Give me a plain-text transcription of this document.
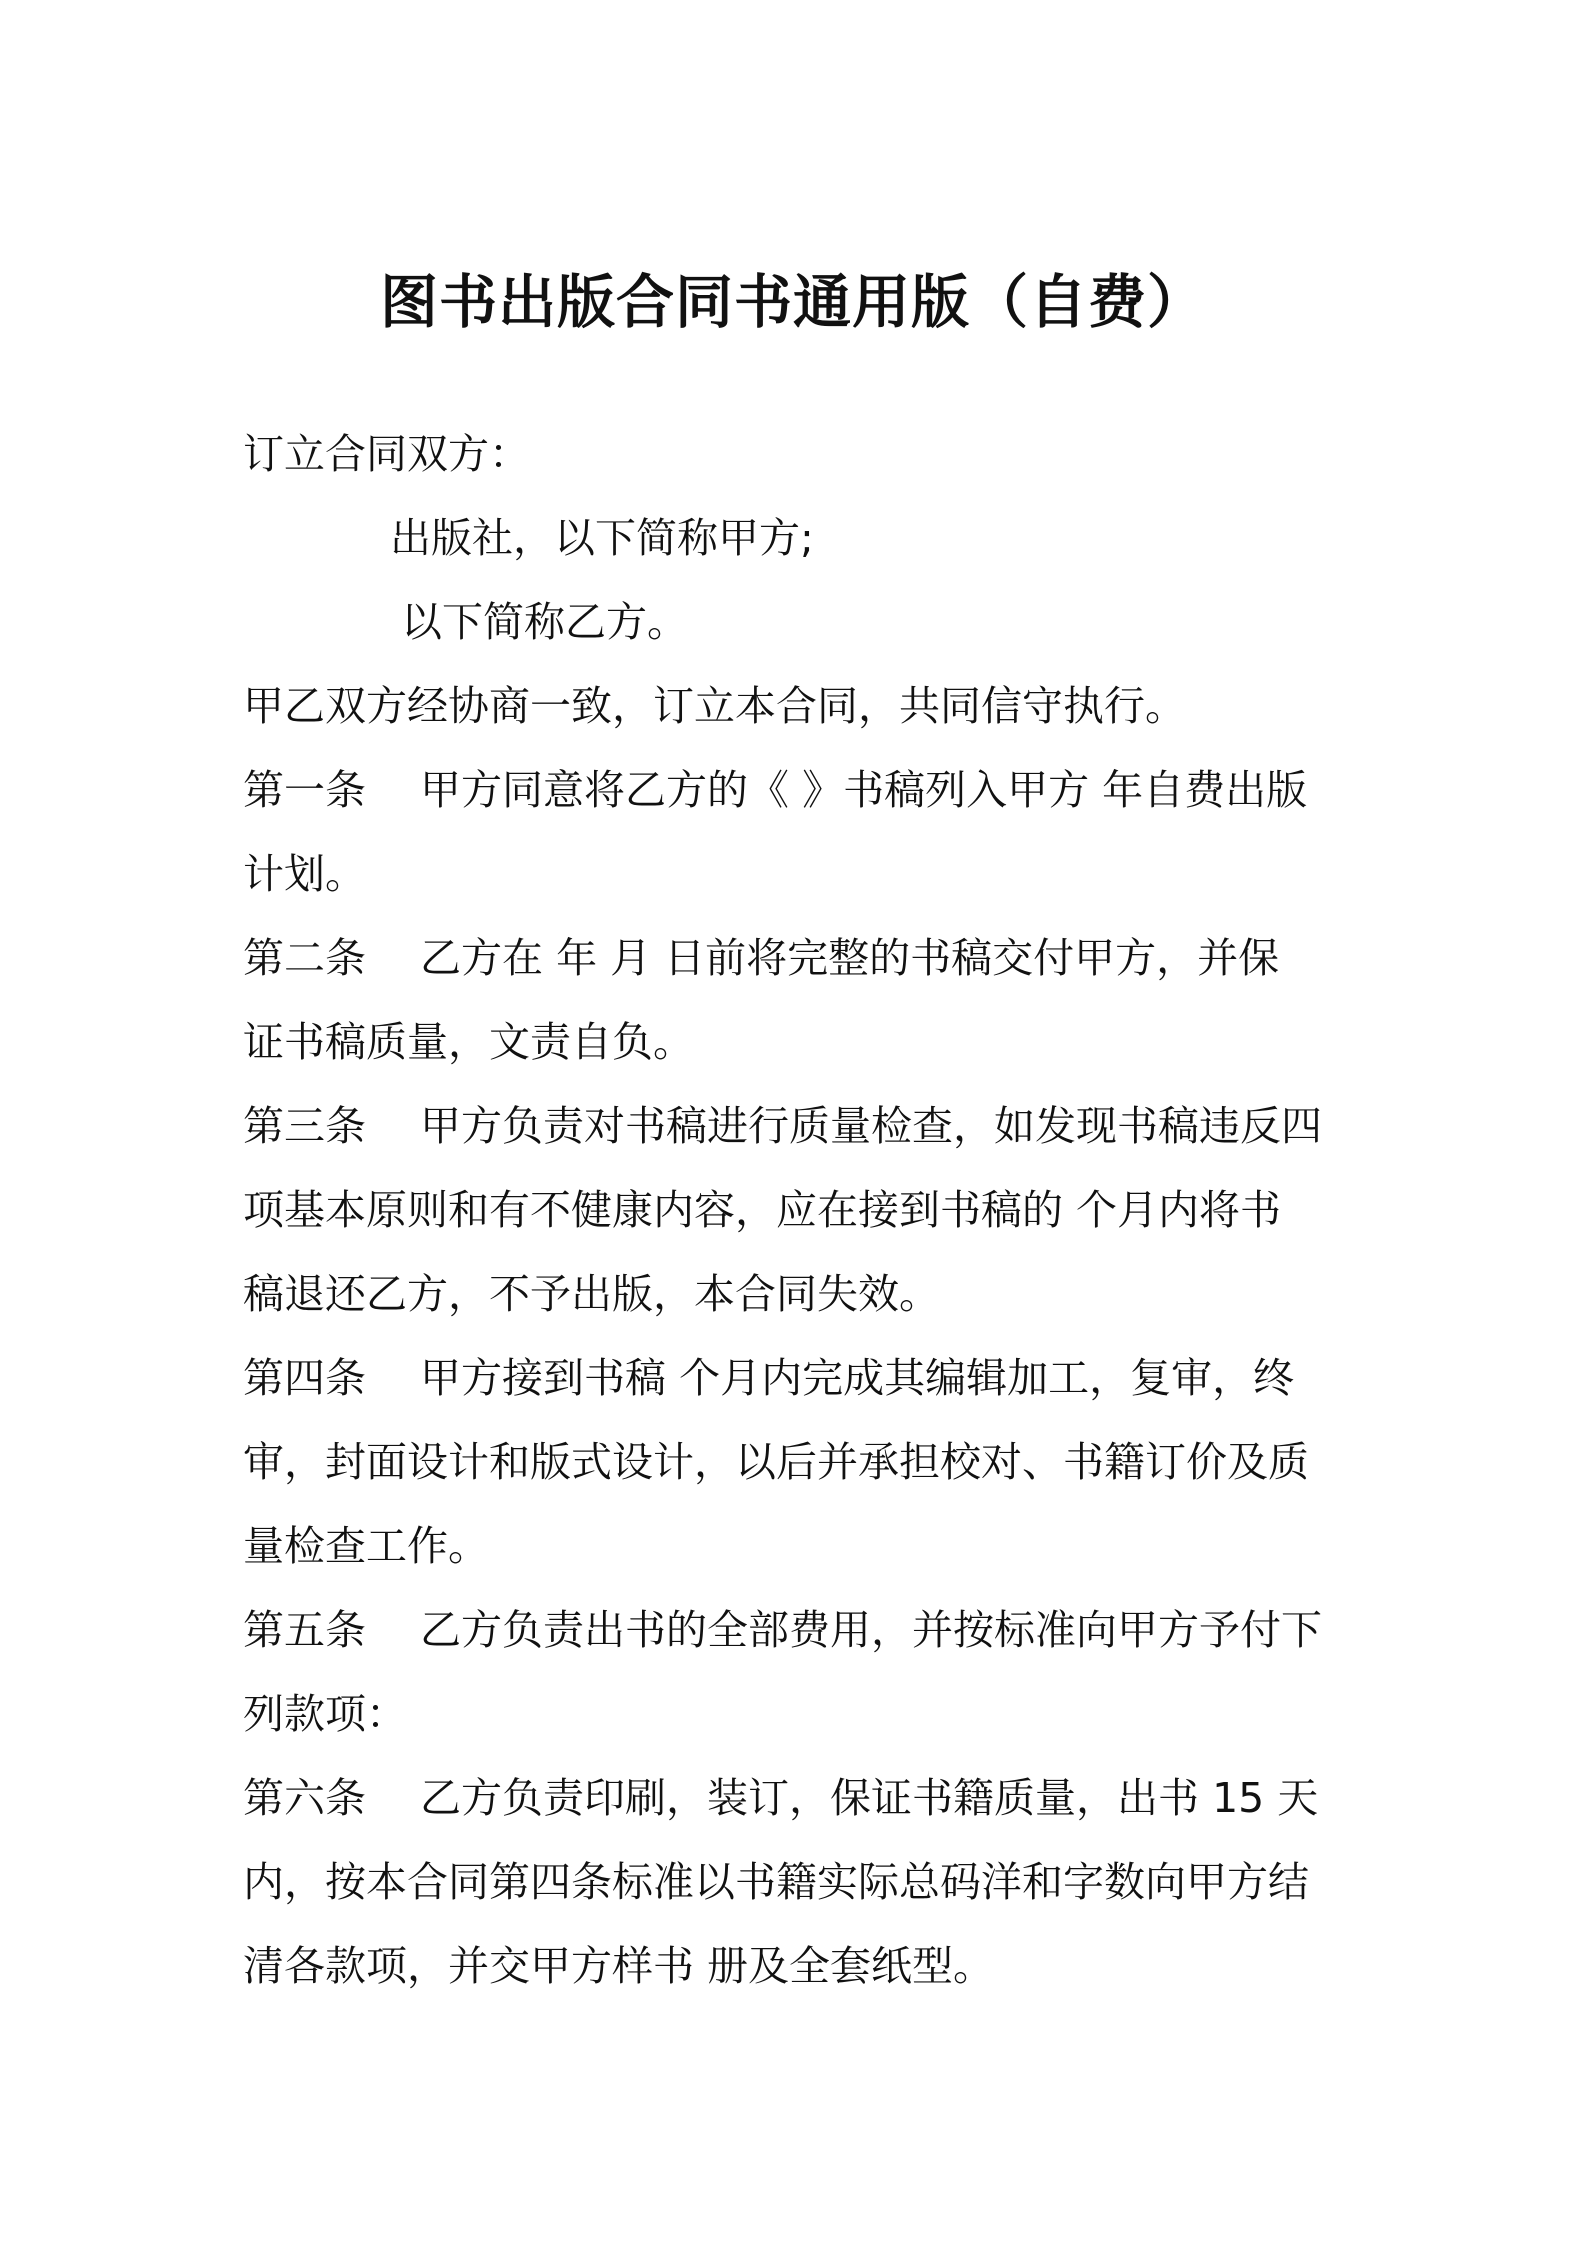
图书出版合同书通用版（自费）

订立合同双方：

出版社，以下简称甲方;

以下简称乙方。

甲乙双方经协商一致，订立本合同，共同信守执行。

第一条　 甲方同意将乙方的《 》书稿列入甲方 年自费出版

计划。

第二条　 乙方在 年 月 日前将完整的书稿交付甲方，并保

证书稿质量，文责自负。

第三条　 甲方负责对书稿进行质量检查，如发现书稿违反四

项基本原则和有不健康内容，应在接到书稿的 个月内将书

稿退还乙方，不予出版，本合同失效。

第四条　 甲方接到书稿 个月内完成其编辑加工，复审，终

审，封面设计和版式设计，以后并承担校对、书籍订价及质

量检查工作。

第五条　 乙方负责出书的全部费用，并按标准向甲方予付下

列款项：

第六条　 乙方负责印刷，装订，保证书籍质量，出书 15 天

内，按本合同第四条标准以书籍实际总码洋和字数向甲方结

清各款项，并交甲方样书 册及全套纸型。
